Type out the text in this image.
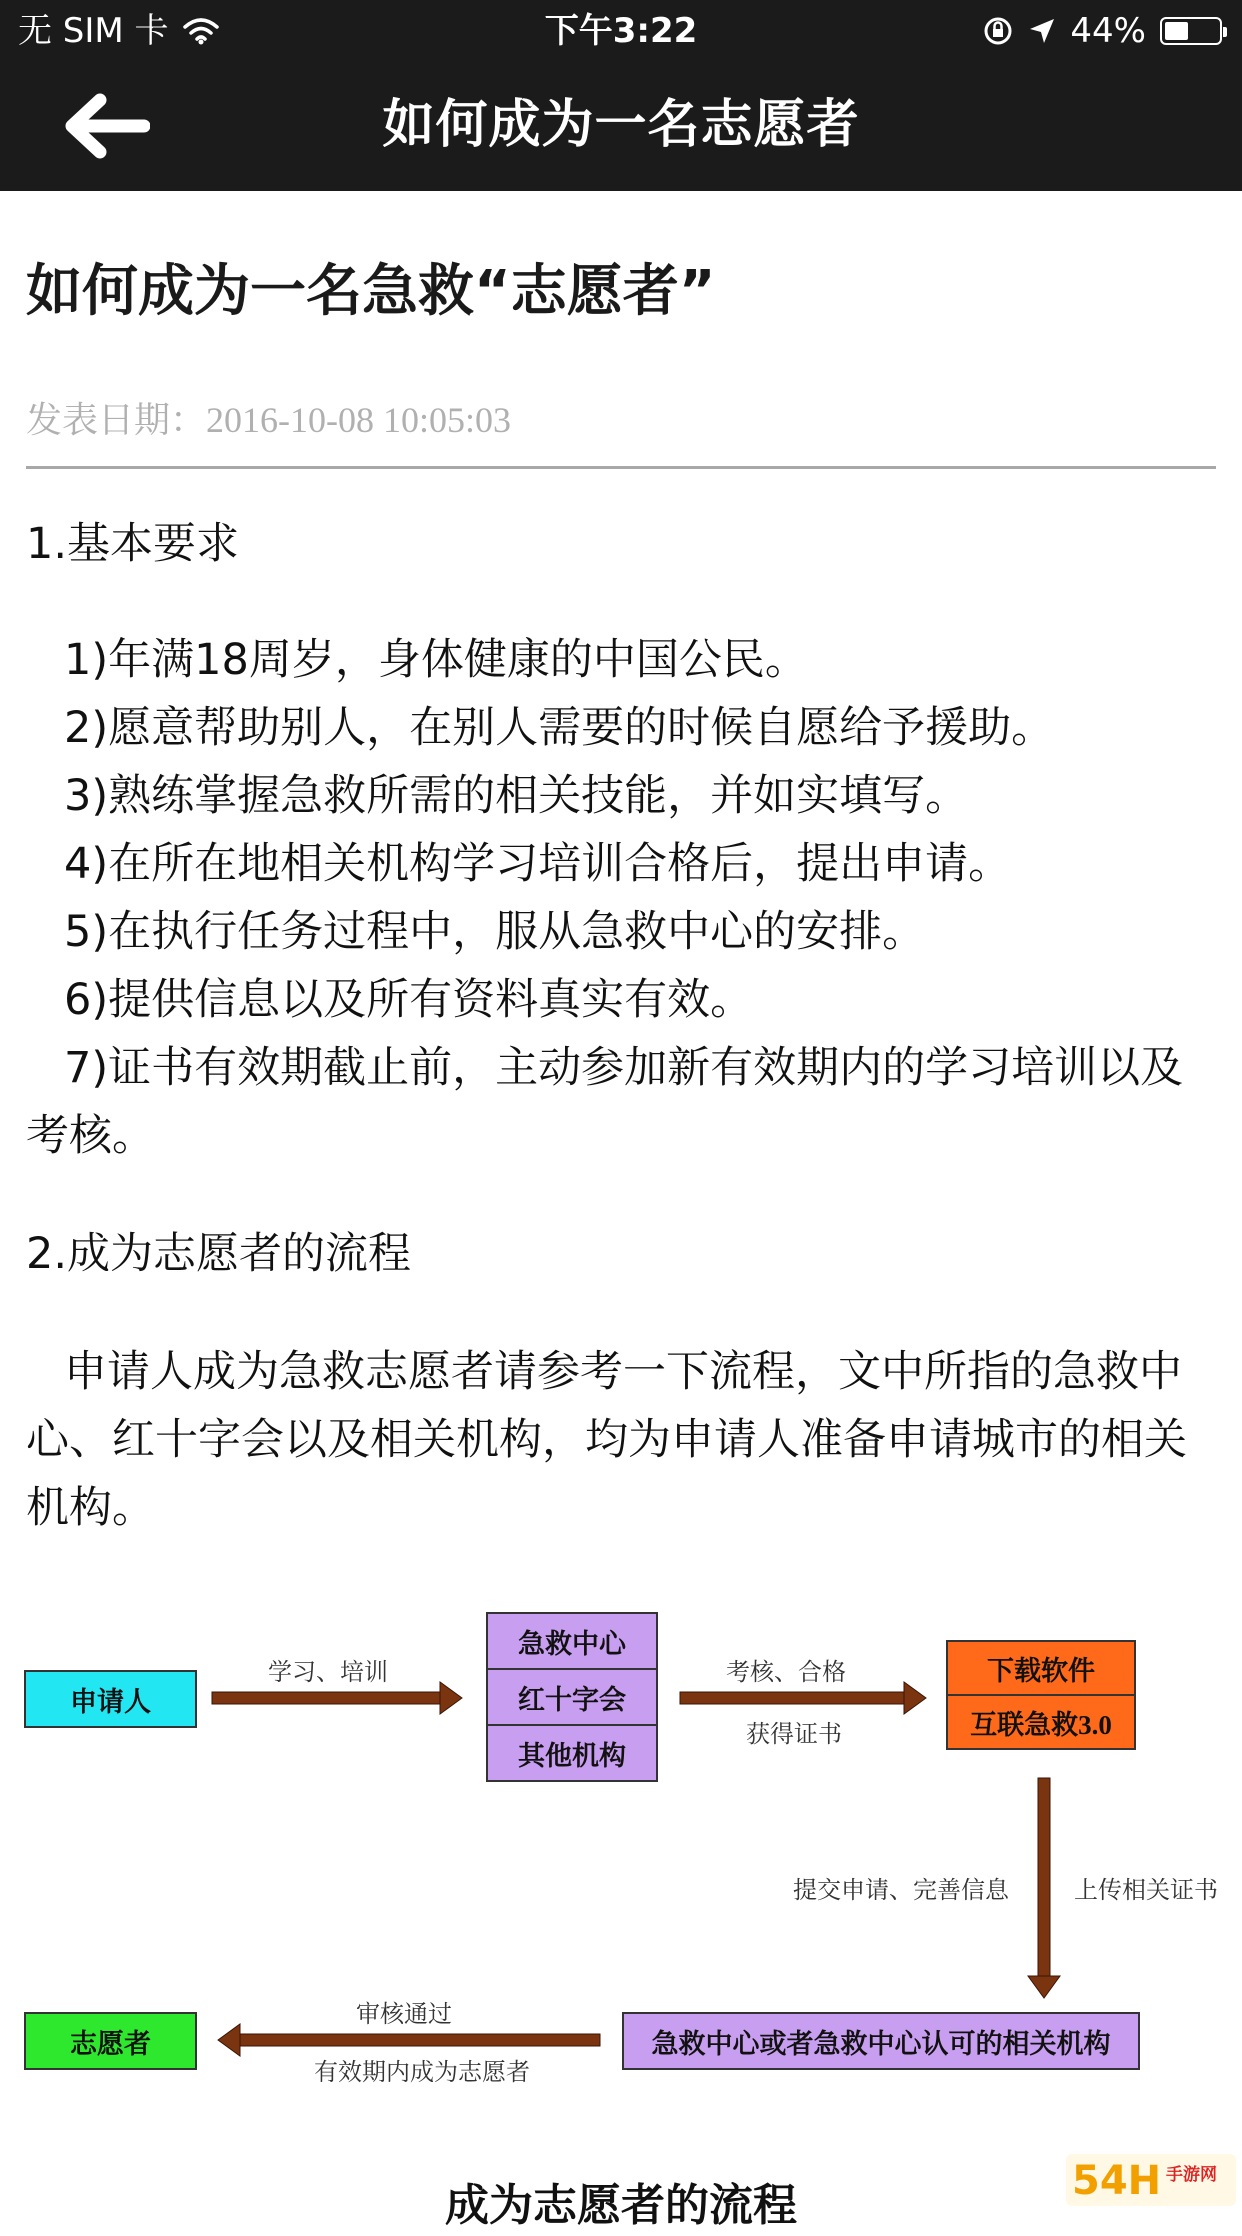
无 SIM 卡	下午3:22	44%
如何成为一名志愿者
如何成为一名急救“志愿者”
发表日期：2016-10-08 10:05:03

1.基本要求

1)年满18周岁，身体健康的中国公民。

2)愿意帮助别人，在别人需要的时候自愿给予援助。

3)熟练掌握急救所需的相关技能，并如实填写。

4)在所在地相关机构学习培训合格后，提出申请。

5)在执行任务过程中，服从急救中心的安排。

6)提供信息以及所有资料真实有效。

7)证书有效期截止前，主动参加新有效期内的学习培训以及考核。

2.成为志愿者的流程

申请人成为急救志愿者请参考一下流程，文中所指的急救中心、红十字会以及相关机构，均为申请人准备申请城市的相关机构。

申请人
急救中心
红十字会
其他机构
下载软件
互联急救3.0
急救中心或者急救中心认可的相关机构
志愿者
学习、培训	考核、合格
获得证书
提交申请、完善信息	上传相关证书
审核通过
有效期内成为志愿者
成为志愿者的流程	54H 手游网
